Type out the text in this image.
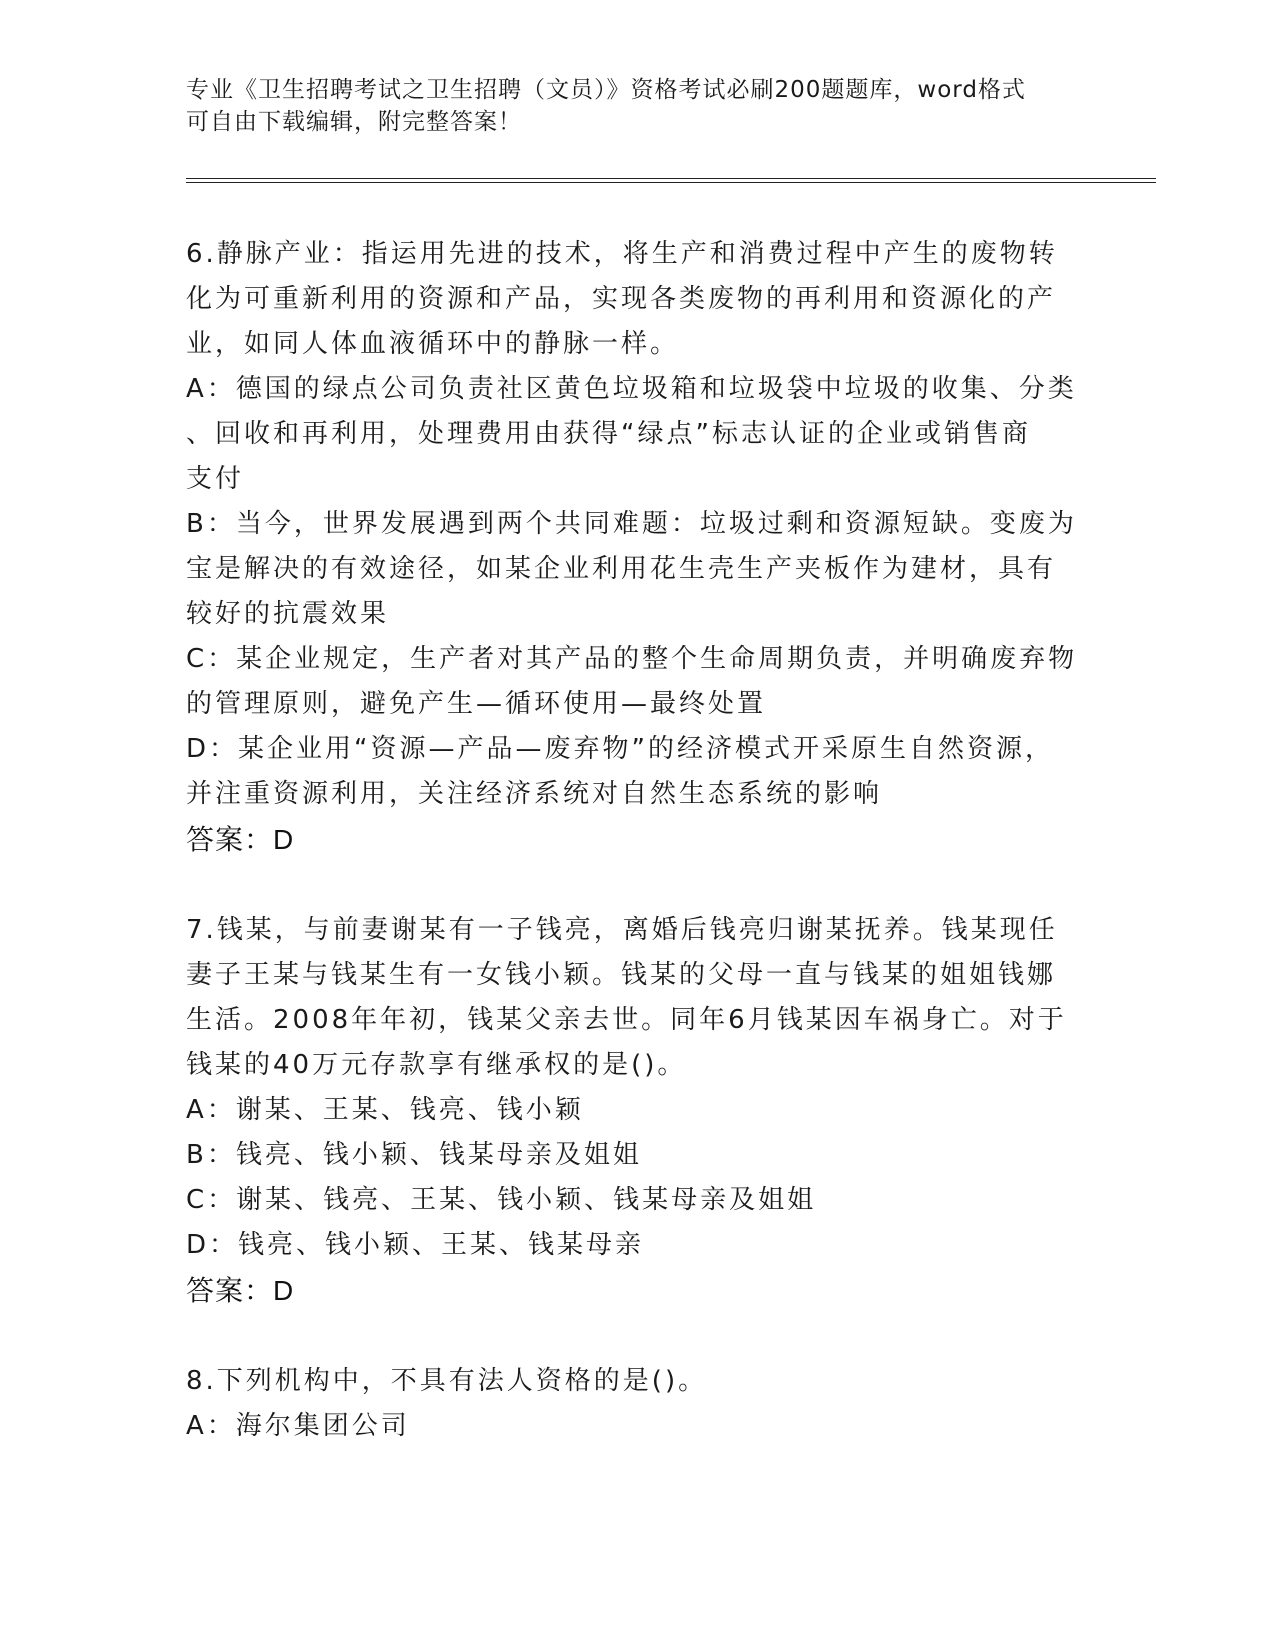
专业《卫生招聘考试之卫生招聘（文员）》资格考试必刷200题题库，word格式
可自由下载编辑，附完整答案！
6.静脉产业：指运用先进的技术，将生产和消费过程中产生的废物转
化为可重新利用的资源和产品，实现各类废物的再利用和资源化的产
业，如同人体血液循环中的静脉一样。
A：德国的绿点公司负责社区黄色垃圾箱和垃圾袋中垃圾的收集、分类
、回收和再利用，处理费用由获得“绿点”标志认证的企业或销售商
支付
B：当今，世界发展遇到两个共同难题：垃圾过剩和资源短缺。变废为
宝是解决的有效途径，如某企业利用花生壳生产夹板作为建材，具有
较好的抗震效果
C：某企业规定，生产者对其产品的整个生命周期负责，并明确废弃物
的管理原则，避免产生—循环使用—最终处置
D：某企业用“资源—产品—废弃物”的经济模式开采原生自然资源，
并注重资源利用，关注经济系统对自然生态系统的影响
答案：D
7.钱某，与前妻谢某有一子钱亮，离婚后钱亮归谢某抚养。钱某现任
妻子王某与钱某生有一女钱小颖。钱某的父母一直与钱某的姐姐钱娜
生活。2008年年初，钱某父亲去世。同年6月钱某因车祸身亡。对于
钱某的40万元存款享有继承权的是()。
A：谢某、王某、钱亮、钱小颖
B：钱亮、钱小颖、钱某母亲及姐姐
C：谢某、钱亮、王某、钱小颖、钱某母亲及姐姐
D：钱亮、钱小颖、王某、钱某母亲
答案：D
8.下列机构中，不具有法人资格的是()。
A：海尔集团公司
